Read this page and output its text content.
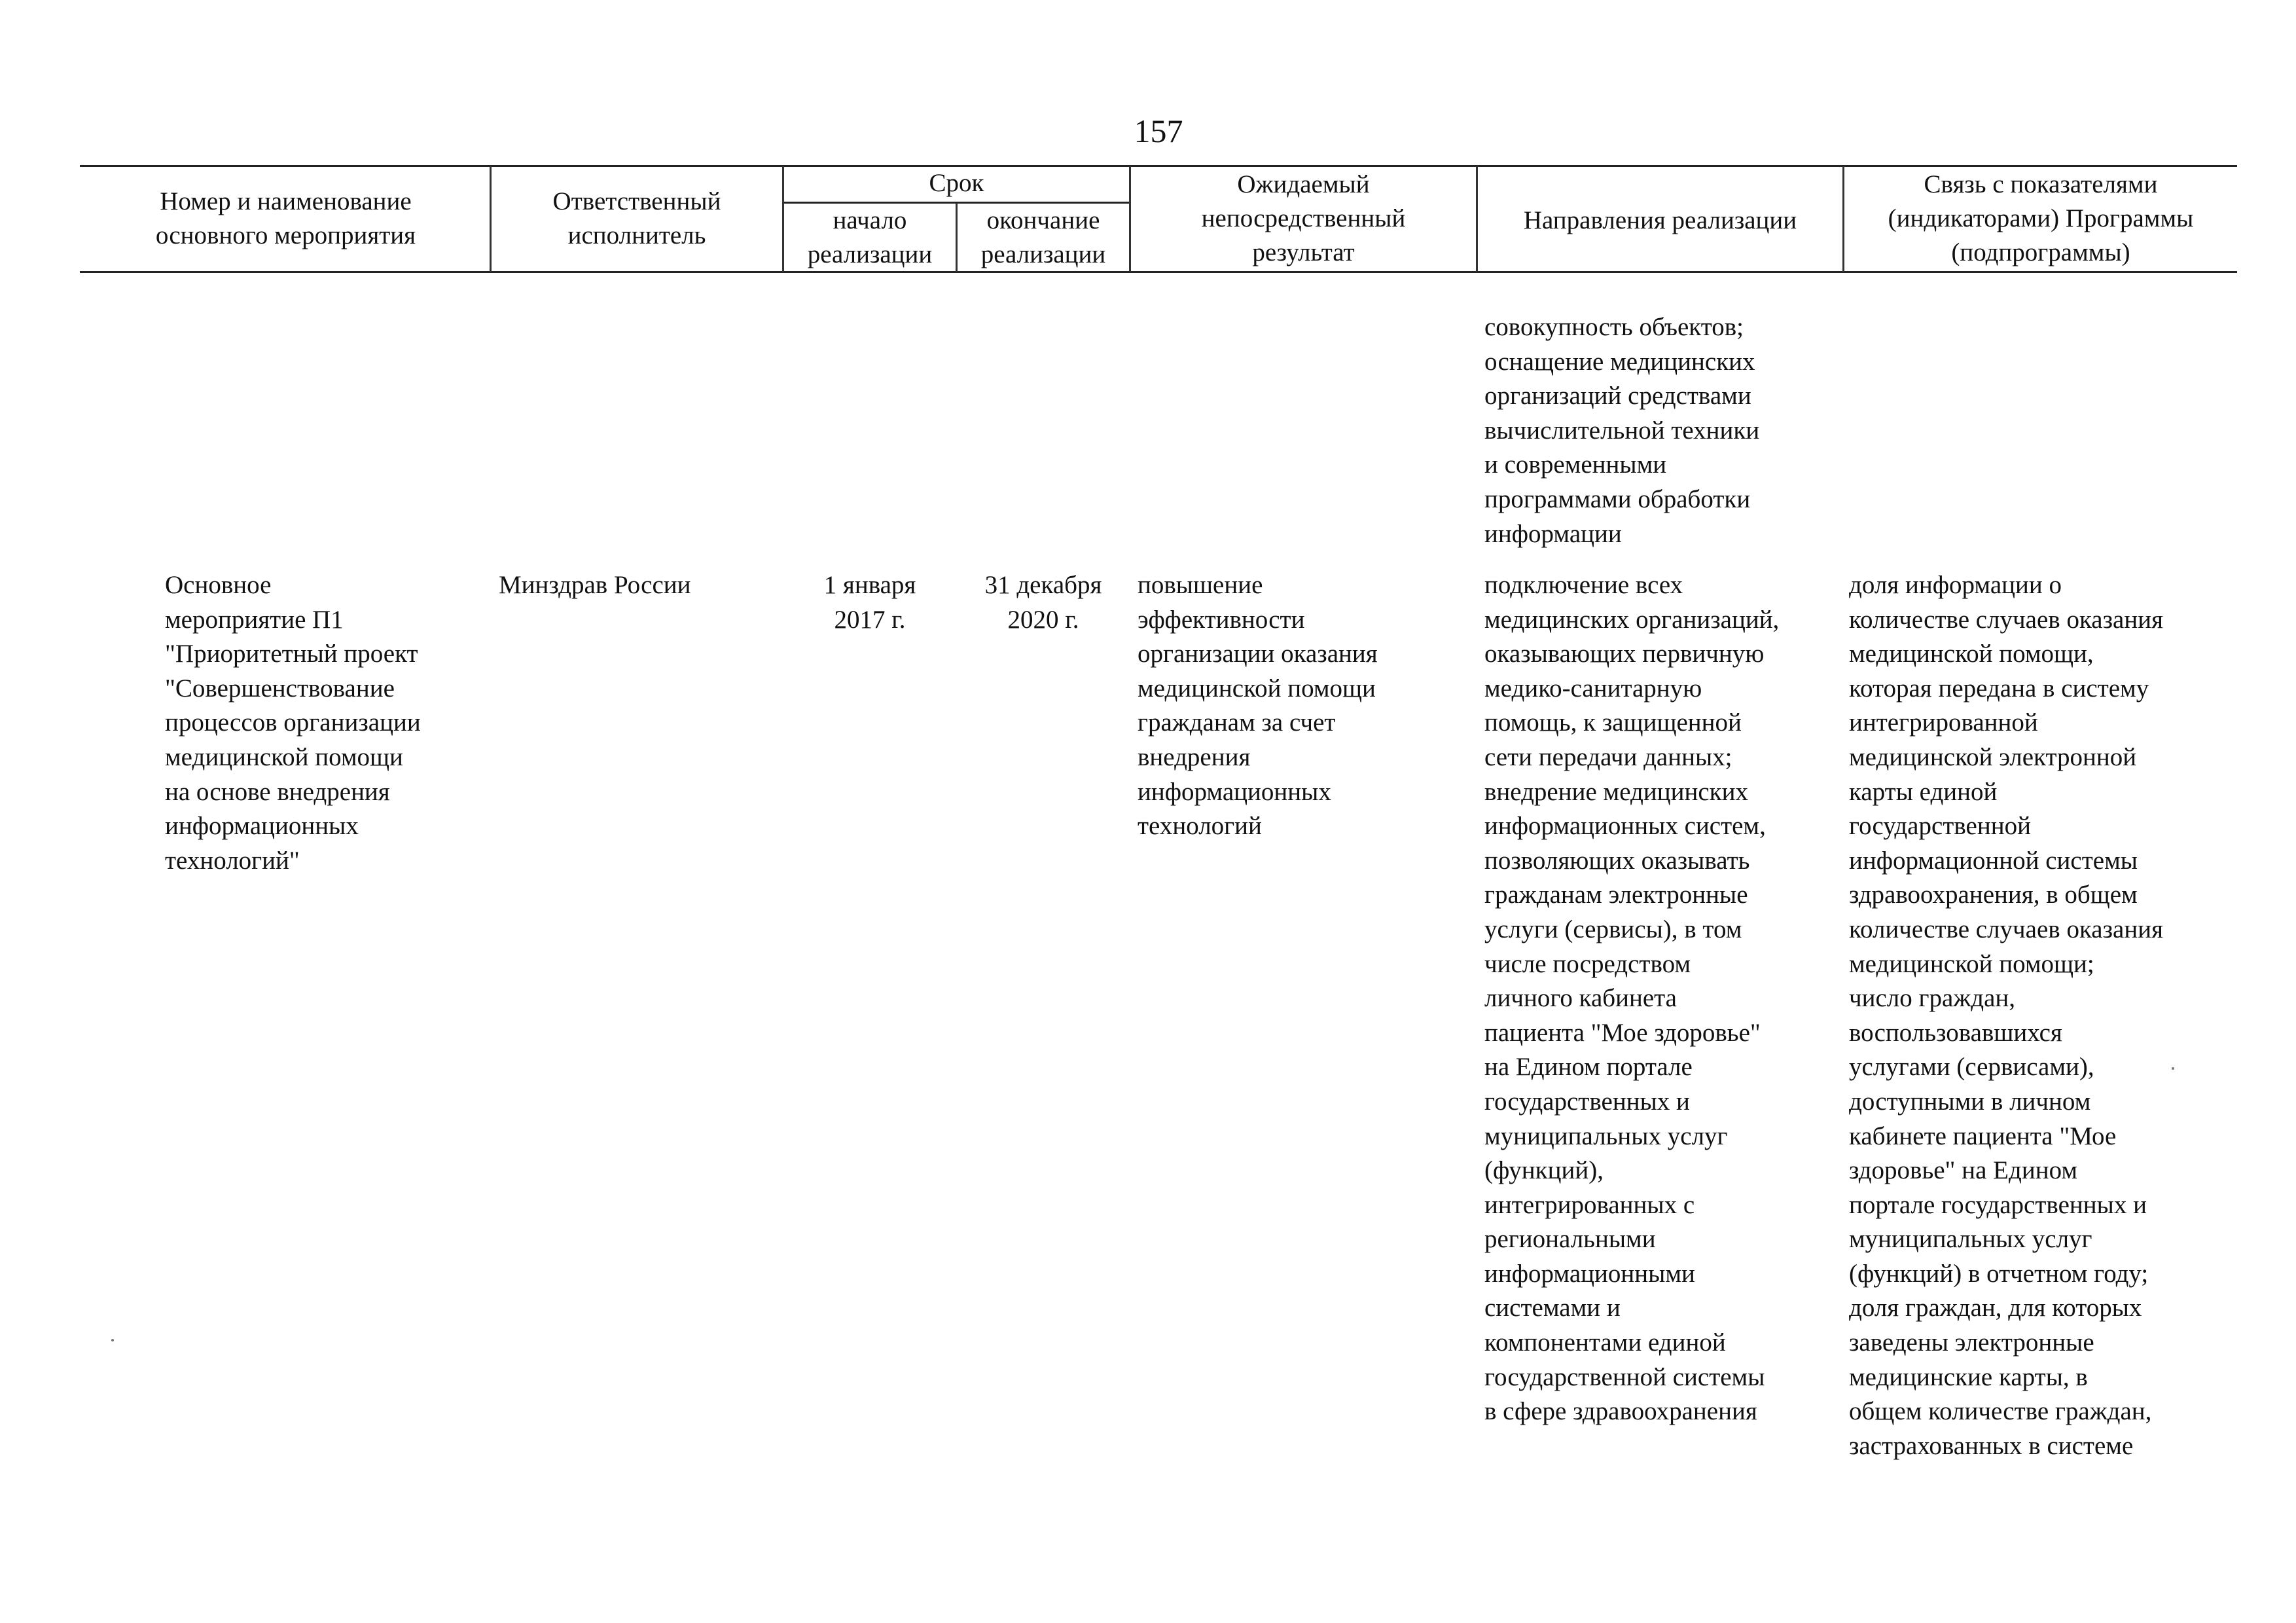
157
Номер и наименование
основного мероприятия
Ответственный
исполнитель
Срок
начало
реализации
окончание
реализации
Ожидаемый
непосредственный
результат
Направления реализации
Связь с показателями
(индикаторами) Программы
(подпрограммы)
совокупность объектов;
оснащение медицинских
организаций средствами
вычислительной техники
и современными
программами обработки
информации
Основное
мероприятие П1
"Приоритетный проект
"Совершенствование
процессов организации
медицинской помощи
на основе внедрения
информационных
технологий"
Минздрав России	1 января
2017 г.
31 декабря
2020 г.
повышение
эффективности
организации оказания
медицинской помощи
гражданам за счет
внедрения
информационных
технологий
подключение всех
медицинских организаций,
оказывающих первичную
медико-санитарную
помощь, к защищенной
сети передачи данных;
внедрение медицинских
информационных систем,
позволяющих оказывать
гражданам электронные
услуги (сервисы), в том
числе посредством
личного кабинета
пациента "Мое здоровье"
на Едином портале
государственных и
муниципальных услуг
(функций),
интегрированных с
региональными
информационными
системами и
компонентами единой
государственной системы
в сфере здравоохранения
доля информации о
количестве случаев оказания
медицинской помощи,
которая передана в систему
интегрированной
медицинской электронной
карты единой
государственной
информационной системы
здравоохранения, в общем
количестве случаев оказания
медицинской помощи;
число граждан,
воспользовавшихся
услугами (сервисами),
доступными в личном
кабинете пациента "Мое
здоровье" на Едином
портале государственных и
муниципальных услуг
(функций) в отчетном году;
доля граждан, для которых
заведены электронные
медицинские карты, в
общем количестве граждан,
застрахованных в системе
